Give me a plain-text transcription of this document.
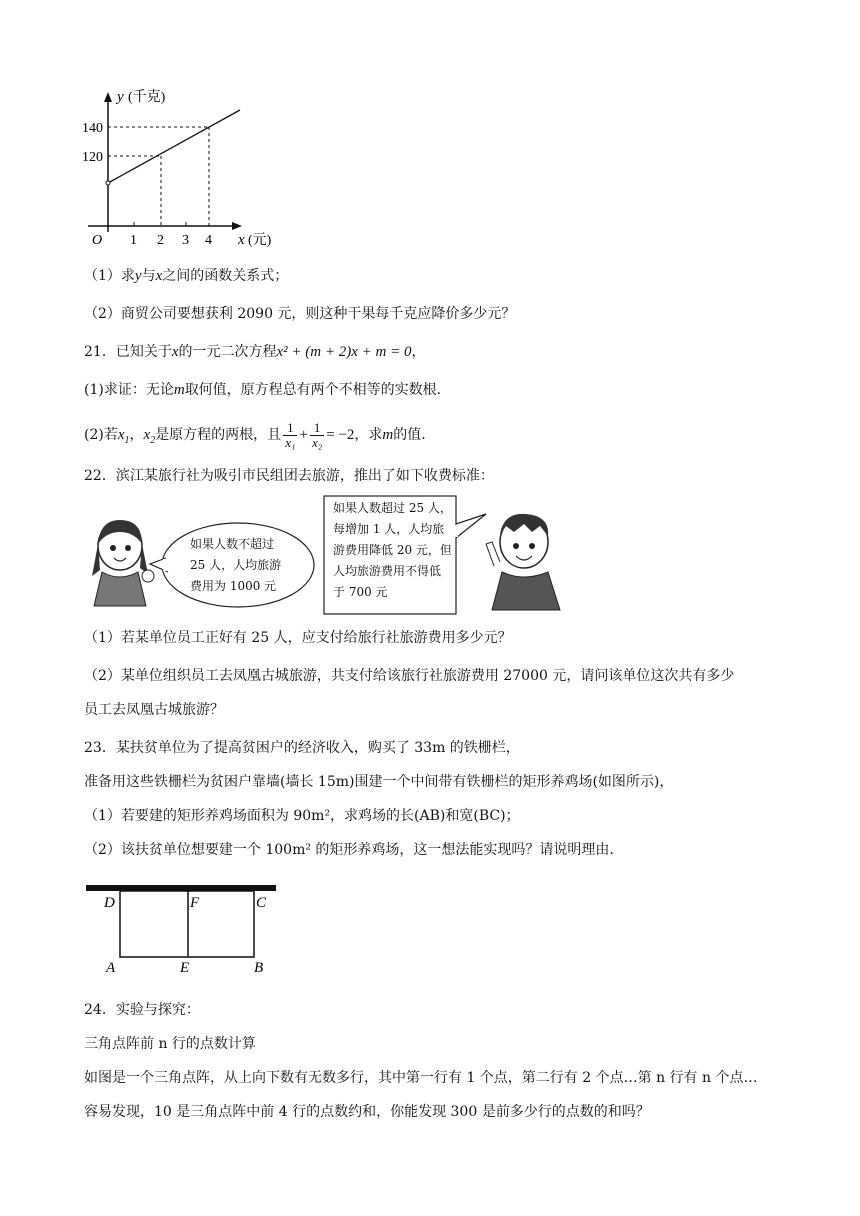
y (千克)
140
120
O 1 2 3 4 x (元)
（1）求y与x之间的函数关系式；
（2）商贸公司要想获利 2090 元，则这种干果每千克应降价多少元？
21．已知关于x的一元二次方程x² + (m + 2)x + m = 0，
(1)求证：无论m取何值，原方程总有两个不相等的实数根.
(2)若$x_1$，$x_2$是原方程的两根，且 $\frac{1}{\text{x₁}} + \frac{1}{\text{x₂}} = -2$，求m的值.
22．滨江某旅行社为吸引市民组团去旅游，推出了如下收费标准：
如果人数不超过
25 人，人均旅游
费用为 1000 元
如果人数超过 25 人，
每增加 1 人，人均旅
游费用降低 20 元，但
人均旅游费用不得低
于 700 元
（1）若某单位员工正好有 25 人，应支付给旅行社旅游费用多少元？
（2）某单位组织员工去凤凰古城旅游，共支付给该旅行社旅游费用 27000 元，请问该单位这次共有多少
员工去凤凰古城旅游？
23．某扶贫单位为了提高贫困户的经济收入，购买了 33m 的铁栅栏，
准备用这些铁栅栏为贫困户靠墙(墙长 15m)围建一个中间带有铁栅栏的矩形养鸡场(如图所示)，
（1）若要建的矩形养鸡场面积为 90m²，求鸡场的长(AB)和宽(BC)；
（2）该扶贫单位想要建一个 100m² 的矩形养鸡场，这一想法能实现吗？请说明理由.
D	F	C
A	E	B
24．实验与探究：
三角点阵前 n 行的点数计算
如图是一个三角点阵，从上向下数有无数多行，其中第一行有 1 个点，第二行有 2 个点…第 n 行有 n 个点…
容易发现，10 是三角点阵中前 4 行的点数约和，你能发现 300 是前多少行的点数的和吗？
